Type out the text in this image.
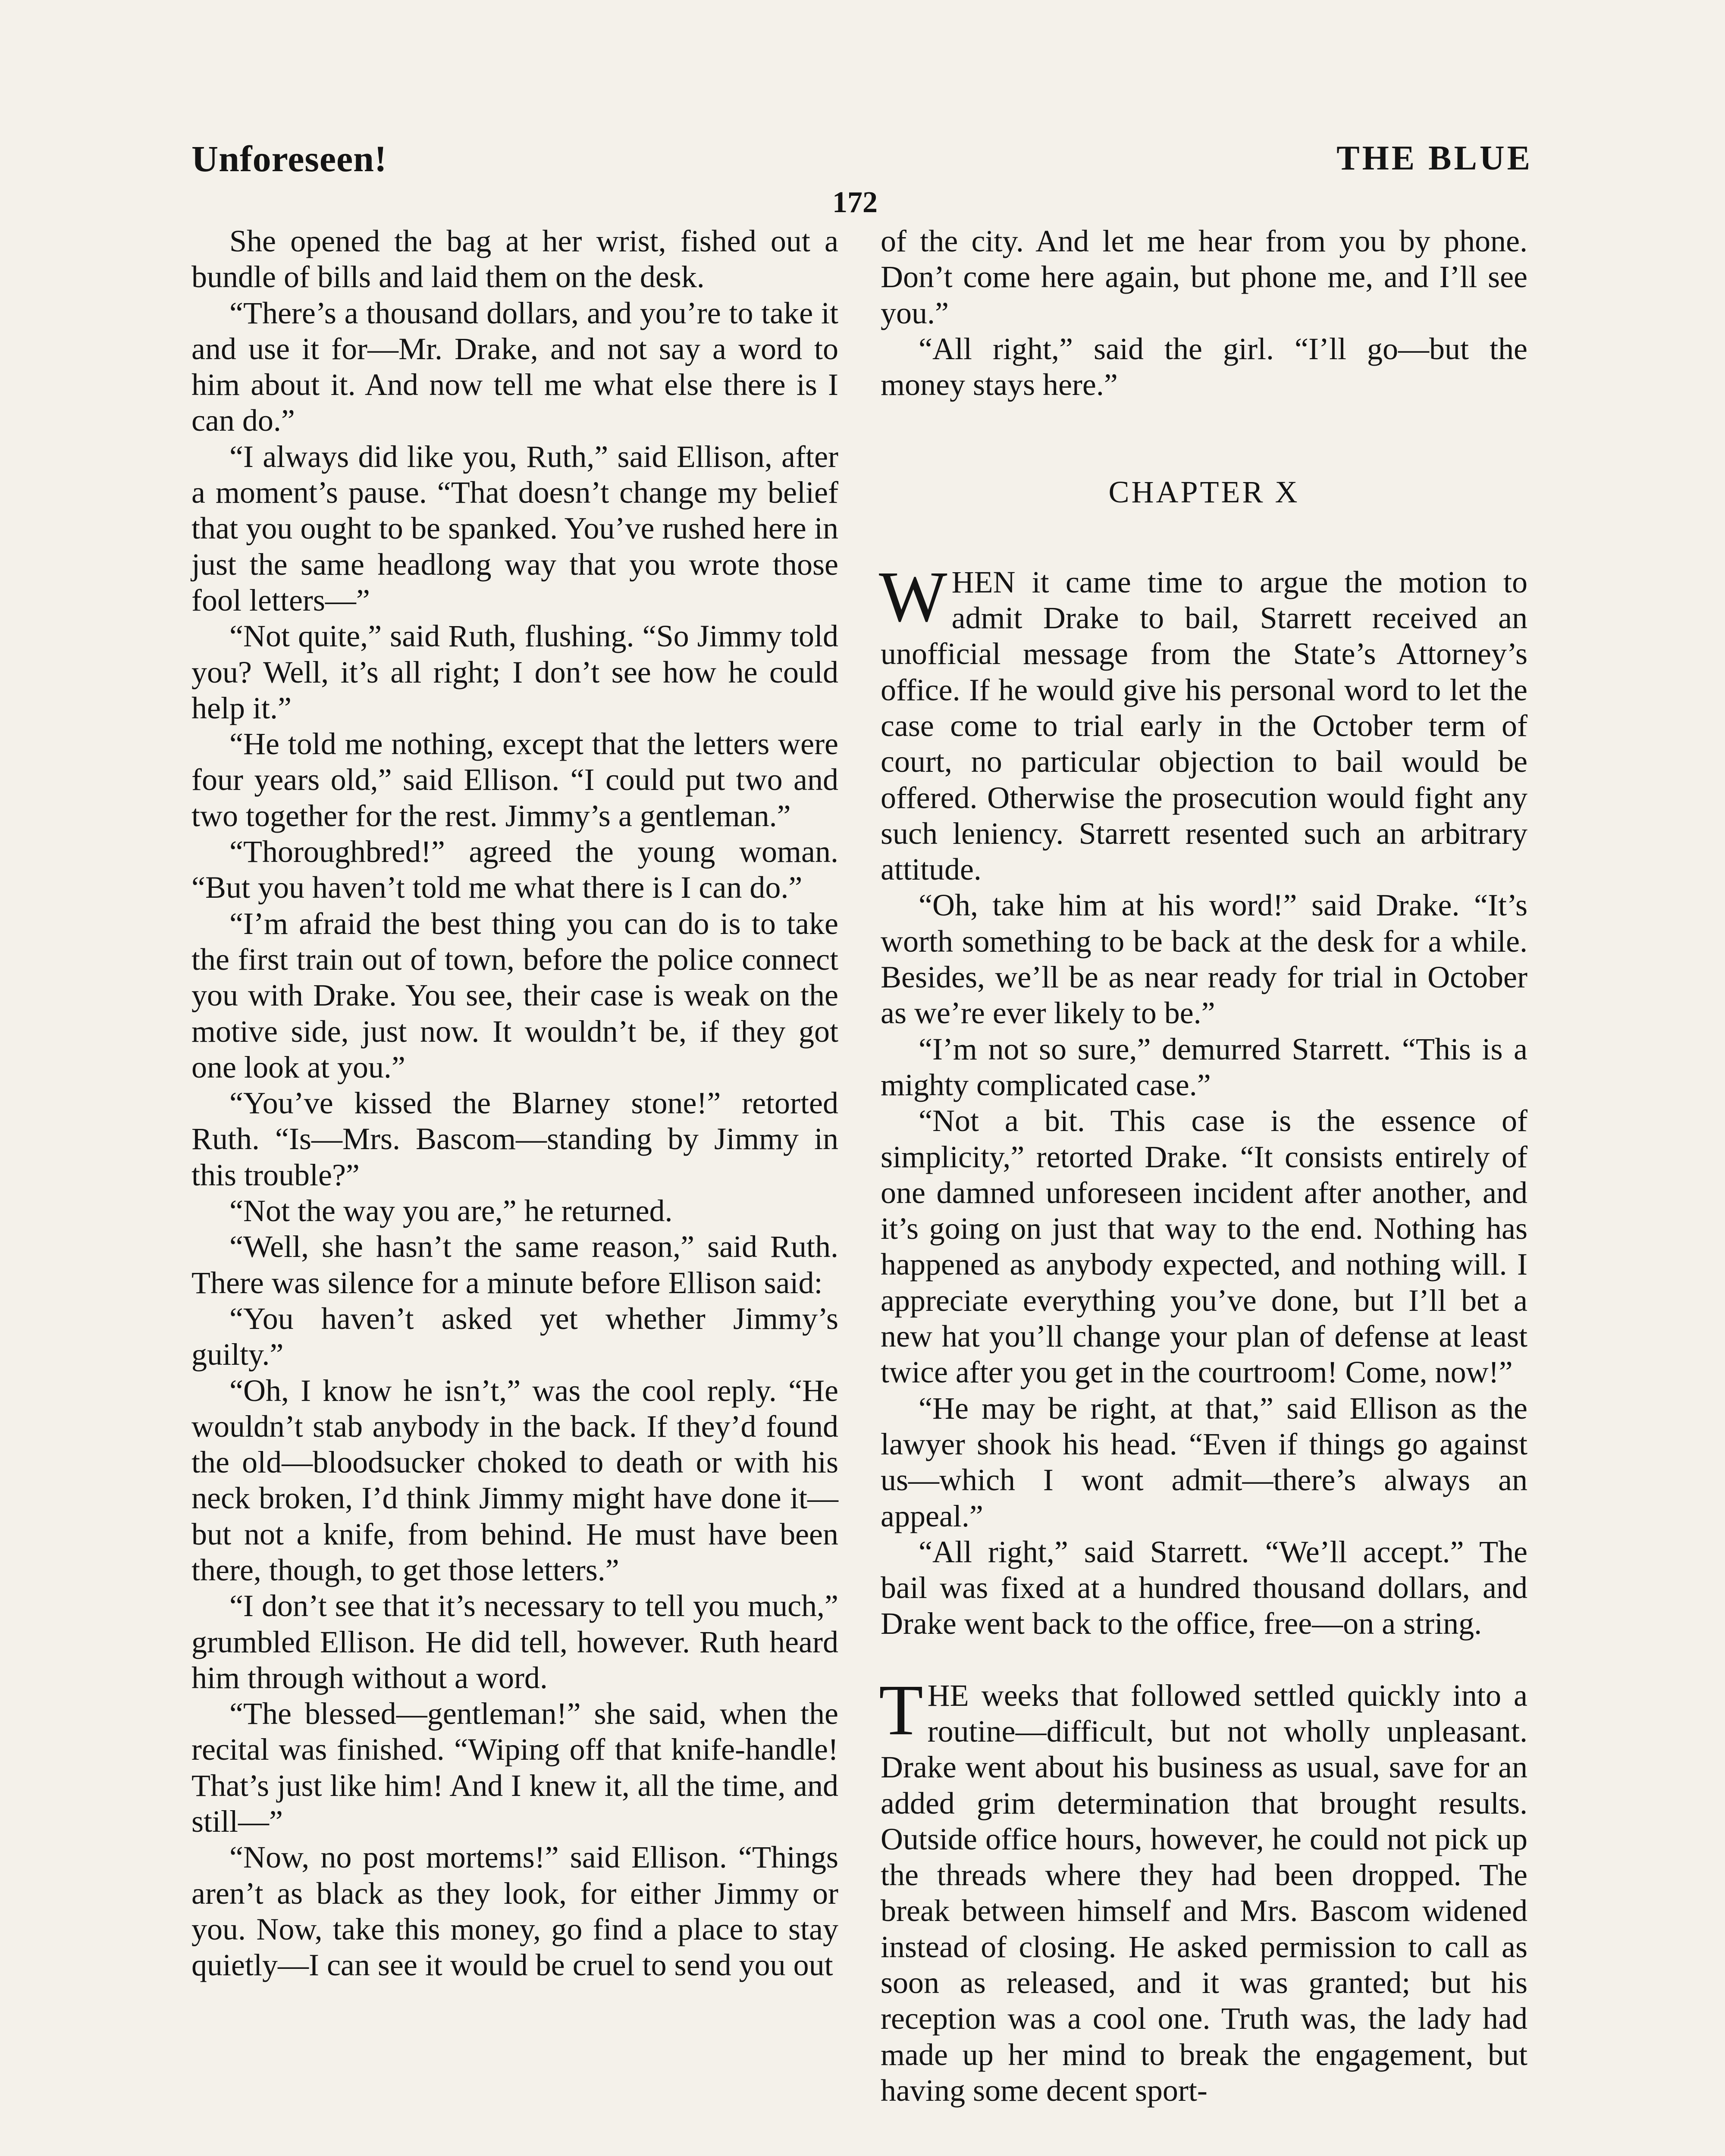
Unforeseen!	THE BLUE
172

She opened the bag at her wrist, fished out a bundle of bills and laid them on the desk.

“There’s a thousand dollars, and you’re to take it and use it for—Mr. Drake, and not say a word to him about it. And now tell me what else there is I can do.”

“I always did like you, Ruth,” said Ellison, after a moment’s pause. “That doesn’t change my belief that you ought to be spanked. You’ve rushed here in just the same headlong way that you wrote those fool letters—”

“Not quite,” said Ruth, flushing. “So Jimmy told you? Well, it’s all right; I don’t see how he could help it.”

“He told me nothing, except that the letters were four years old,” said Ellison. “I could put two and two together for the rest. Jimmy’s a gentleman.”

“Thoroughbred!” agreed the young woman. “But you haven’t told me what there is I can do.”

“I’m afraid the best thing you can do is to take the first train out of town, before the police connect you with Drake. You see, their case is weak on the motive side, just now. It wouldn’t be, if they got one look at you.”

“You’ve kissed the Blarney stone!” retorted Ruth. “Is—Mrs. Bascom—standing by Jimmy in this trouble?”

“Not the way you are,” he returned.

“Well, she hasn’t the same reason,” said Ruth. There was silence for a minute before Ellison said:

“You haven’t asked yet whether Jimmy’s guilty.”

“Oh, I know he isn’t,” was the cool reply. “He wouldn’t stab anybody in the back. If they’d found the old—bloodsucker choked to death or with his neck broken, I’d think Jimmy might have done it—but not a knife, from behind. He must have been there, though, to get those letters.”

“I don’t see that it’s necessary to tell you much,” grumbled Ellison. He did tell, however. Ruth heard him through without a word.

“The blessed—gentleman!” she said, when the recital was finished. “Wiping off that knife-handle! That’s just like him! And I knew it, all the time, and still—”

“Now, no post mortems!” said Ellison. “Things aren’t as black as they look, for either Jimmy or you. Now, take this money, go find a place to stay quietly—I can see it would be cruel to send you out

of the city. And let me hear from you by phone. Don’t come here again, but phone me, and I’ll see you.”

“All right,” said the girl. “I’ll go—but the money stays here.”

CHAPTER X

WHEN it came time to argue the motion to admit Drake to bail, Starrett received an unofficial message from the State’s Attorney’s office. If he would give his personal word to let the case come to trial early in the October term of court, no particular objection to bail would be offered. Otherwise the prosecution would fight any such leniency. Starrett resented such an arbitrary attitude.

“Oh, take him at his word!” said Drake. “It’s worth something to be back at the desk for a while. Besides, we’ll be as near ready for trial in October as we’re ever likely to be.”

“I’m not so sure,” demurred Starrett. “This is a mighty complicated case.”

“Not a bit. This case is the essence of simplicity,” retorted Drake. “It consists entirely of one damned unforeseen incident after another, and it’s going on just that way to the end. Nothing has happened as anybody expected, and nothing will. I appreciate everything you’ve done, but I’ll bet a new hat you’ll change your plan of defense at least twice after you get in the courtroom! Come, now!”

“He may be right, at that,” said Ellison as the lawyer shook his head. “Even if things go against us—which I wont admit—there’s always an appeal.”

“All right,” said Starrett. “We’ll accept.” The bail was fixed at a hundred thousand dollars, and Drake went back to the office, free—on a string.

THE weeks that followed settled quickly into a routine—difficult, but not wholly unpleasant. Drake went about his business as usual, save for an added grim determination that brought results. Outside office hours, however, he could not pick up the threads where they had been dropped. The break between himself and Mrs. Bascom widened instead of closing. He asked permission to call as soon as released, and it was granted; but his reception was a cool one. Truth was, the lady had made up her mind to break the engagement, but having some decent sport-
